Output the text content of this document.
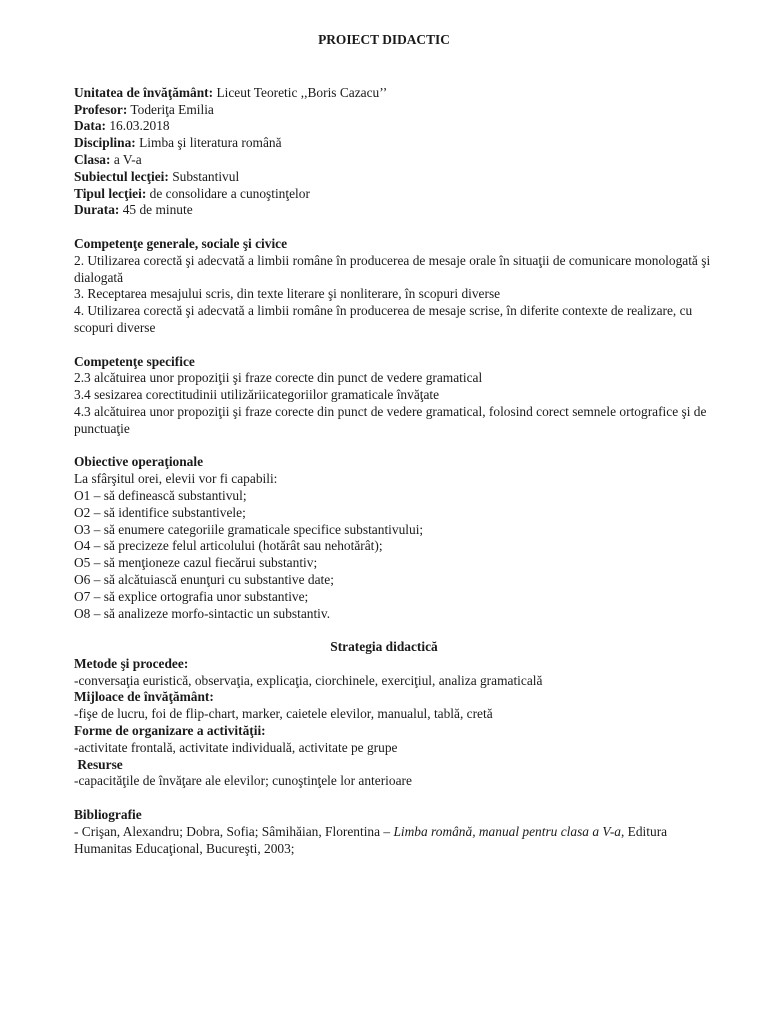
PROIECT DIDACTIC

Unitatea de învăţământ: Liceut Teoretic ,,Boris Cazacu’’

Profesor: Toderiţa Emilia

Data: 16.03.2018

Disciplina: Limba şi literatura română

Clasa: a V-a

Subiectul lecţiei: Substantivul

Tipul lecţiei: de consolidare a cunoştinţelor

Durata: 45 de minute

Competenţe generale, sociale şi civice

2. Utilizarea corectă şi adecvată a limbii române în producerea de mesaje orale în situaţii de comunicare monologată şi dialogată

3. Receptarea mesajului scris, din texte literare şi nonliterare, în scopuri diverse

4. Utilizarea corectă şi adecvată a limbii române în producerea de mesaje scrise, în diferite contexte de realizare, cu scopuri diverse

Competenţe specifice

2.3 alcătuirea unor propoziţii şi fraze corecte din punct de vedere gramatical

3.4 sesizarea corectitudinii utilizăriicategoriilor gramaticale învăţate

4.3 alcătuirea unor propoziţii şi fraze corecte din punct de vedere gramatical, folosind corect semnele ortografice şi de punctuaţie

Obiective operaţionale

La sfârşitul orei, elevii vor fi capabili:

O1 – să definească substantivul;

O2 – să identifice substantivele;

O3 – să enumere categoriile gramaticale specifice substantivului;

O4 – să precizeze felul articolului (hotărât sau nehotărât);

O5 – să menţioneze cazul fiecărui substantiv;

O6 – să alcătuiască enunţuri cu substantive date;

O7 – să explice ortografia unor substantive;

O8 – să analizeze morfo-sintactic un substantiv.

Strategia didactică

Metode şi procedee:

-conversaţia euristică, observaţia, explicaţia, ciorchinele, exerciţiul, analiza gramaticală

Mijloace de învăţământ:

-fişe de lucru, foi de flip-chart, marker, caietele elevilor, manualul, tablă, cretă

Forme de organizare a activităţii:

-activitate frontală, activitate individuală, activitate pe grupe

Resurse

-capacităţile de învăţare ale elevilor; cunoştinţele lor anterioare

Bibliografie

- Crişan, Alexandru; Dobra, Sofia; Sâmihăian, Florentina – Limba română, manual pentru clasa a V-a, Editura Humanitas Educaţional, Bucureşti, 2003;
